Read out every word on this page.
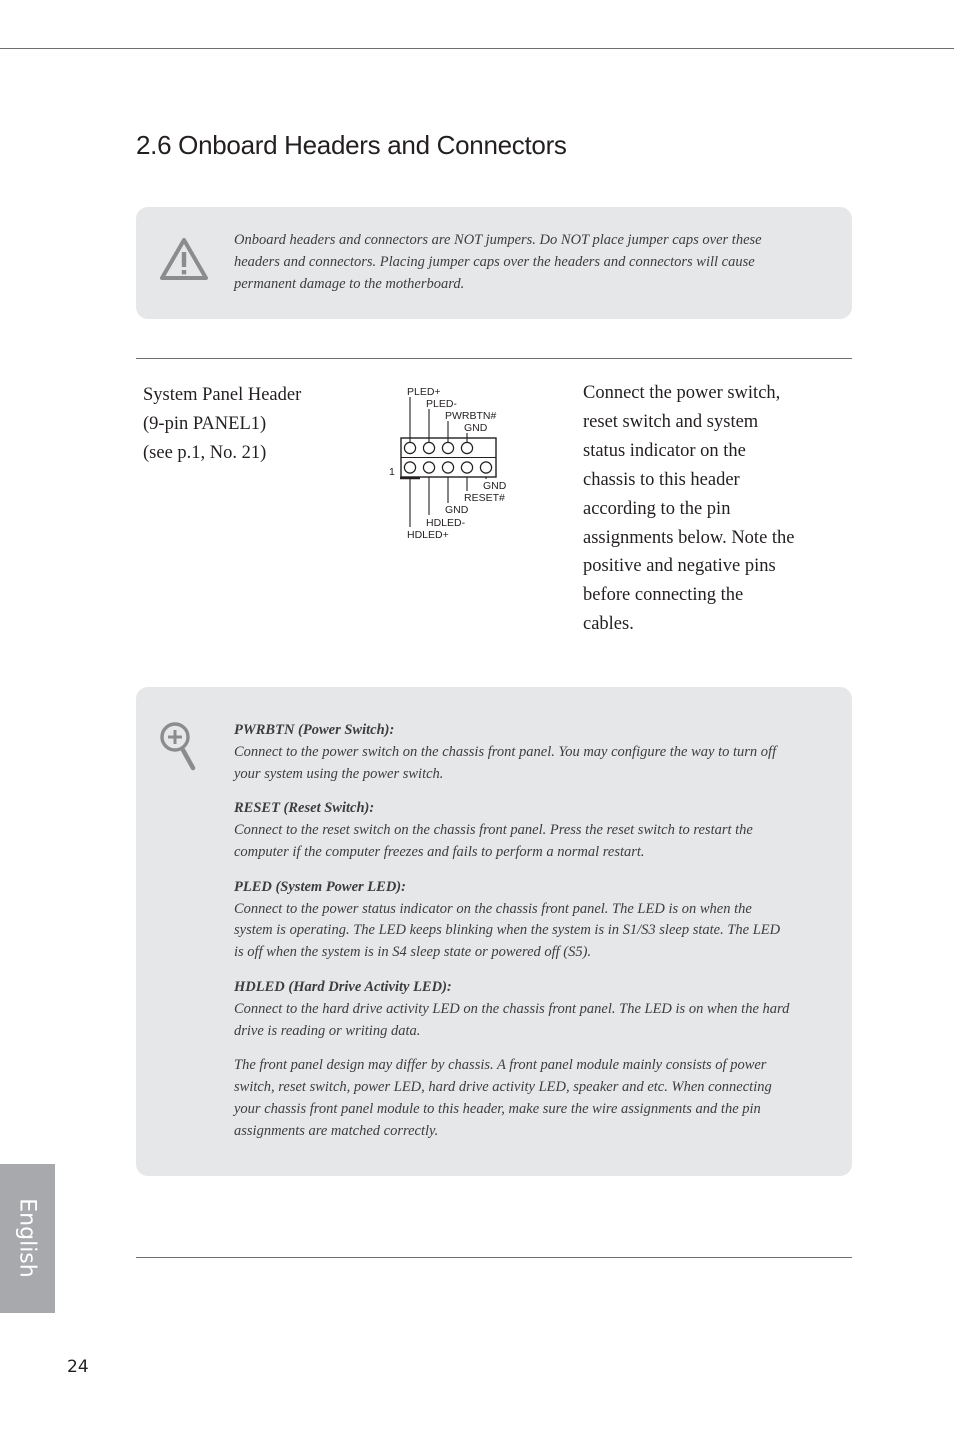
2.6 Onboard Headers and Connectors

Onboard headers and connectors are NOT jumpers. Do NOT place jumper caps over these headers and connectors. Placing jumper caps over the headers and connectors will cause permanent damage to the motherboard.

System Panel Header
(9-pin PANEL1)
(see p.1, No. 21)
1
PLED+
PLED-
PWRBTN#
GND
GND
RESET#
GND
HDLED-
HDLED+

Connect the power switch, reset switch and system status indicator on the chassis to this header according to the pin assignments below. Note the positive and negative pins before connecting the cables.

PWRBTN (Power Switch):

Connect to the power switch on the chassis front panel. You may configure the way to turn off your system using the power switch.

RESET (Reset Switch):

Connect to the reset switch on the chassis front panel. Press the reset switch to restart the computer if the computer freezes and fails to perform a normal restart.

PLED (System Power LED):

Connect to the power status indicator on the chassis front panel. The LED is on when the system is operating. The LED keeps blinking when the system is in S1/S3 sleep state. The LED is off when the system is in S4 sleep state or powered off (S5).

HDLED (Hard Drive Activity LED):

Connect to the hard drive activity LED on the chassis front panel. The LED is on when the hard drive is reading or writing data.

The front panel design may differ by chassis. A front panel module mainly consists of power switch, reset switch, power LED, hard drive activity LED, speaker and etc. When connecting your chassis front panel module to this header, make sure the wire assignments and the pin assignments are matched correctly.

English
24
